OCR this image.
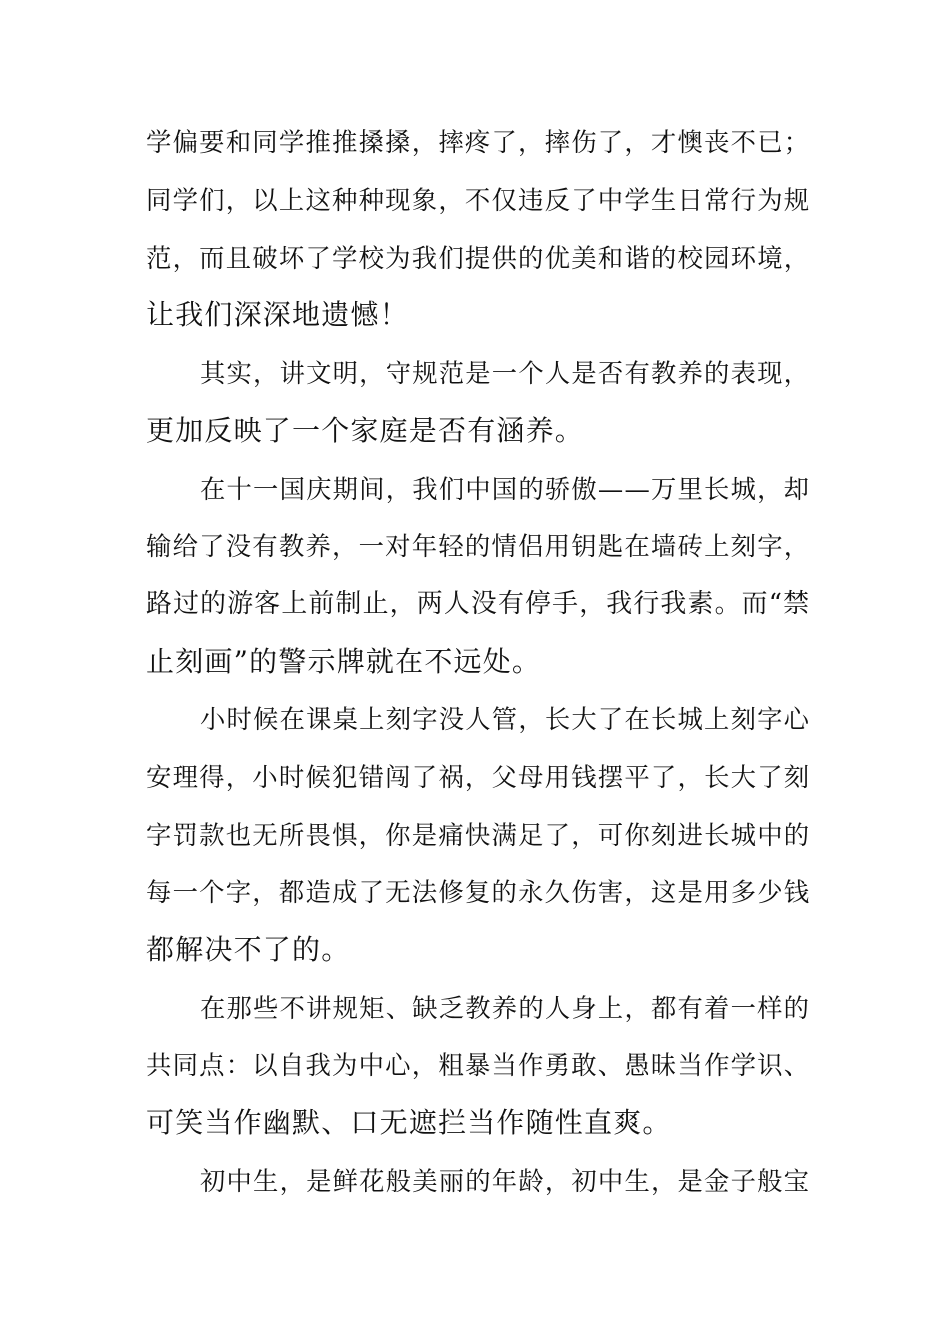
学偏要和同学推推搡搡，摔疼了，摔伤了，才懊丧不已；
同学们，以上这种种现象，不仅违反了中学生日常行为规
范，而且破坏了学校为我们提供的优美和谐的校园环境，
让我们深深地遗憾！
其实，讲文明，守规范是一个人是否有教养的表现，
更加反映了一个家庭是否有涵养。
在十一国庆期间，我们中国的骄傲——万里长城，却
输给了没有教养，一对年轻的情侣用钥匙在墙砖上刻字，
路过的游客上前制止，两人没有停手，我行我素。而“禁
止刻画”的警示牌就在不远处。
小时候在课桌上刻字没人管，长大了在长城上刻字心
安理得，小时候犯错闯了祸，父母用钱摆平了，长大了刻
字罚款也无所畏惧，你是痛快满足了，可你刻进长城中的
每一个字，都造成了无法修复的永久伤害，这是用多少钱
都解决不了的。
在那些不讲规矩、缺乏教养的人身上，都有着一样的
共同点：以自我为中心，粗暴当作勇敢、愚昧当作学识、
可笑当作幽默、口无遮拦当作随性直爽。
初中生，是鲜花般美丽的年龄，初中生，是金子般宝
